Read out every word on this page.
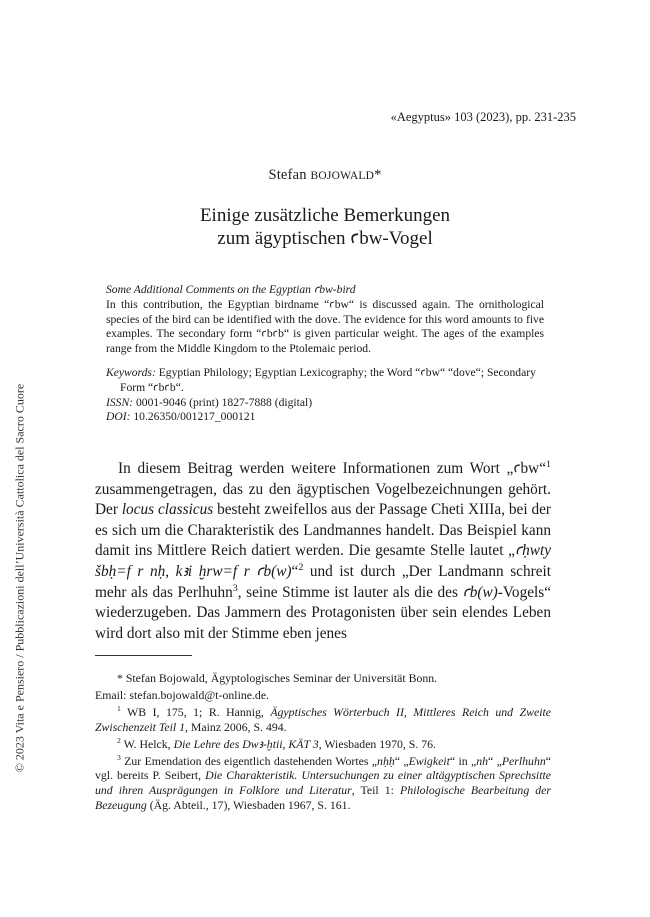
«Aegyptus» 103 (2023), pp. 231-235
Stefan BOJOWALD*
Einige zusätzliche Bemerkungen
zum ägyptischen ꜥbw-Vogel

Some Additional Comments on the Egyptian ꜥbw-bird

In this contribution, the Egyptian birdname “ꜥbw“ is discussed again. The ornithological species of the bird can be identified with the dove. The evidence for this word amounts to five examples. The secondary form “ꜥbꜥb“ is given particular weight. The ages of the examples range from the Middle Kingdom to the Ptolemaic period.

Keywords: Egyptian Philology; Egyptian Lexicography; the Word “ꜥbw“ “dove“; Secondary
Form “ꜥbꜥb“.
ISSN: 0001-9046 (print) 1827-7888 (digital)
DOI: 10.26350/001217_000121

In diesem Beitrag werden weitere Informationen zum Wort „ꜥbw“$^1$ zusammengetragen, das zu den ägyptischen Vogelbezeichnungen gehört. Der locus classicus besteht zweifellos aus der Passage Cheti XIIIa, bei der es sich um die Charakteristik des Landmannes handelt. Das Beispiel kann damit ins Mittlere Reich datiert werden. Die gesamte Stelle lautet „ꜥḥwty šbḥ=f r nḥ, kꜣi ḫrw=f r ꜥb(w)“$^2$ und ist durch „Der Landmann schreit mehr als das Perlhuhn$^3$, seine Stimme ist lauter als die des ꜥb(w)-Vogels“ wiederzugeben. Das Jammern des Protagonisten über sein elendes Leben wird dort also mit der Stimme eben jenes

* Stefan Bojowald, Ägyptologisches Seminar der Universität Bonn.

Email: stefan.bojowald@t-online.de.

$^1$ WB I, 175, 1; R. Hannig, Ägyptisches Wörterbuch II, Mittleres Reich und Zweite Zwischenzeit Teil 1, Mainz 2006, S. 494.

$^2$ W. Helck, Die Lehre des Dwꜣ-ḫtii, KÄT 3, Wiesbaden 1970, S. 76.

$^3$ Zur Emendation des eigentlich dastehenden Wortes „nḥḥ“ „Ewigkeit“ in „nh“ „Perlhuhn“ vgl. bereits P. Seibert, Die Charakteristik. Untersuchungen zu einer altägyptischen Sprechsitte und ihren Ausprägungen in Folklore und Literatur, Teil 1: Philologische Bearbeitung der Bezeugung (Äg. Abteil., 17), Wiesbaden 1967, S. 161.

© 2023 Vita e Pensiero / Pubblicazioni dell’Università Cattolica del Sacro Cuore
